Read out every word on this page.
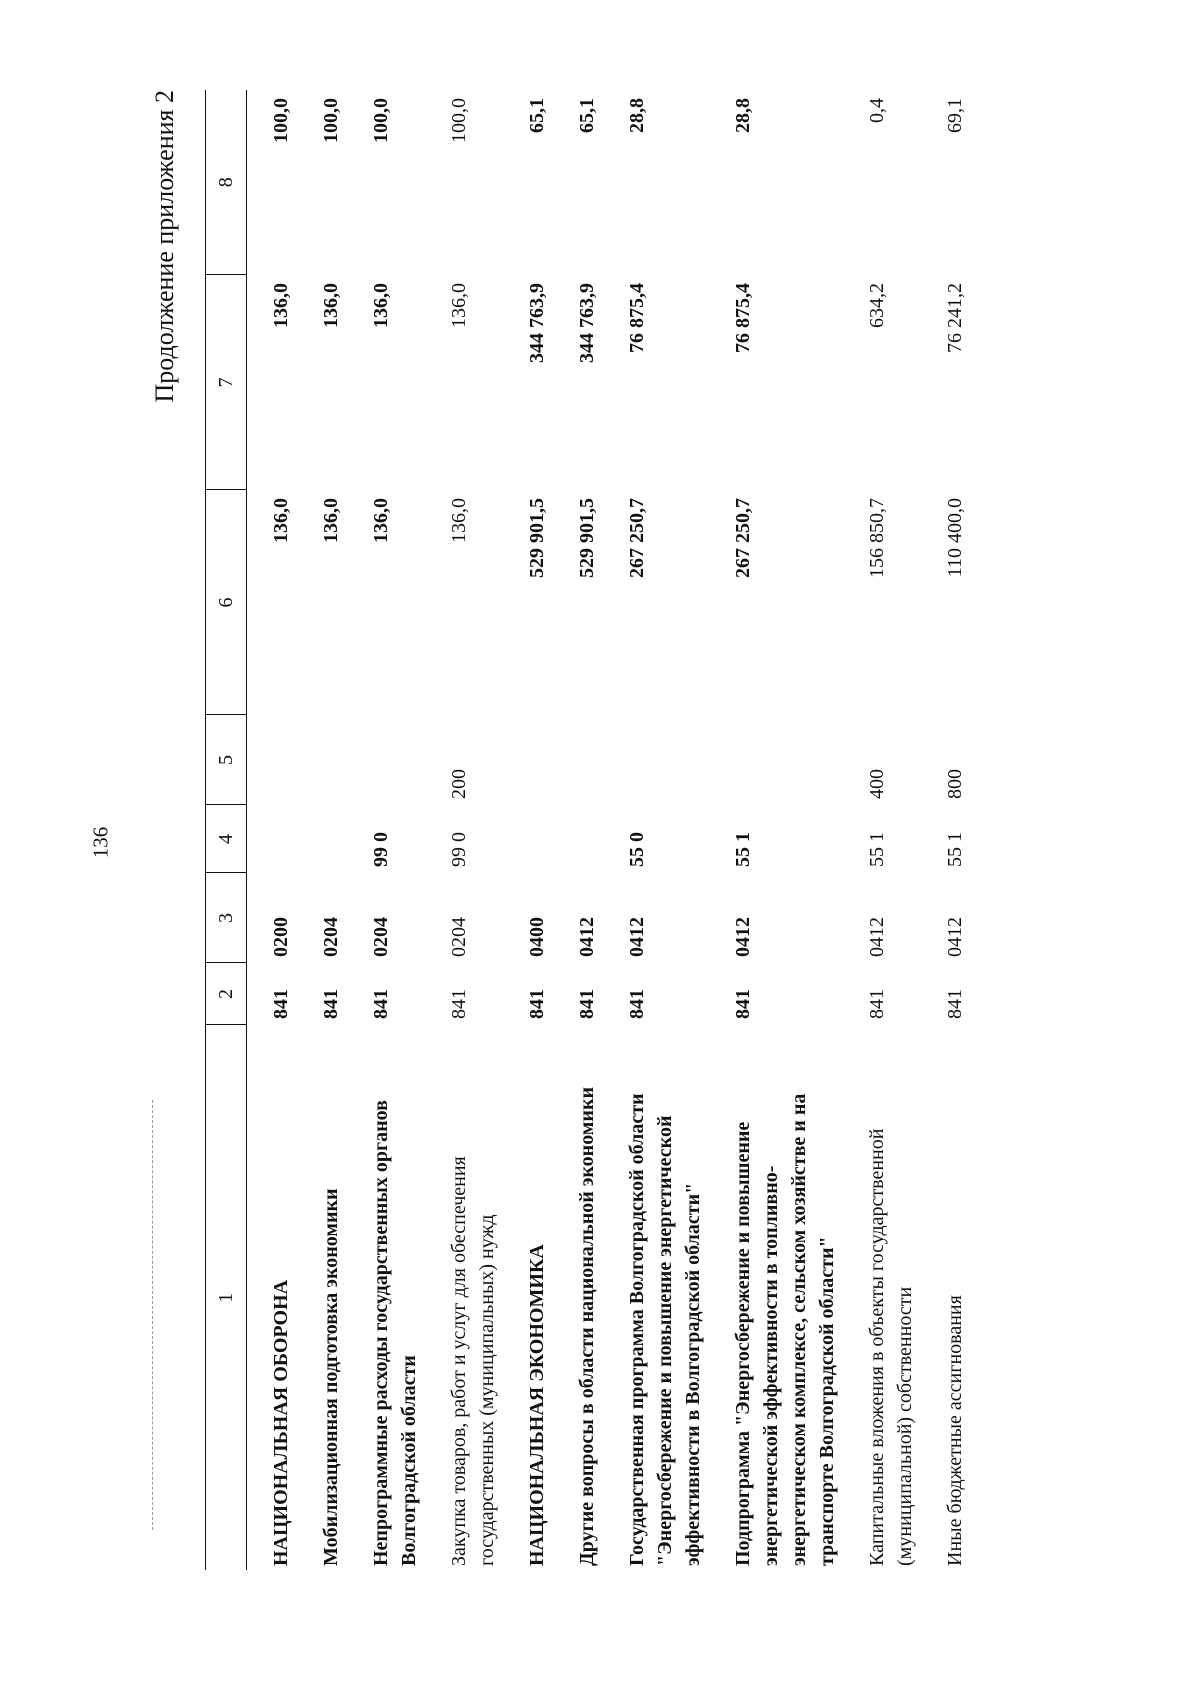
136
Продолжение приложения 2
1	2	3	4	5	6	7	8
НАЦИОНАЛЬНАЯ ОБОРОНА	841	0200			136,0	136,0	100,0
Мобилизационная подготовка экономики	841	0204			136,0	136,0	100,0
Непрограммные расходы государственных органов Волгоградской области	841	0204	99 0		136,0	136,0	100,0
Закупка товаров, работ и услуг для обеспечения государственных (муниципальных) нужд	841	0204	99 0	200	136,0	136,0	100,0
НАЦИОНАЛЬНАЯ ЭКОНОМИКА	841	0400			529 901,5	344 763,9	65,1
Другие вопросы в области национальной экономики	841	0412			529 901,5	344 763,9	65,1
Государственная программа Волгоградской области "Энергосбережение и повышение энергетической эффективности в Волгоградской области"	841	0412	55 0		267 250,7	76 875,4	28,8
Подпрограмма "Энергосбережение и повышение энергетической эффективности в топливно-энергетическом комплексе, сельском хозяйстве и на транспорте Волгоградской области"	841	0412	55 1		267 250,7	76 875,4	28,8
Капитальные вложения в объекты государственной (муниципальной) собственности	841	0412	55 1	400	156 850,7	634,2	0,4
Иные бюджетные ассигнования	841	0412	55 1	800	110 400,0	76 241,2	69,1
